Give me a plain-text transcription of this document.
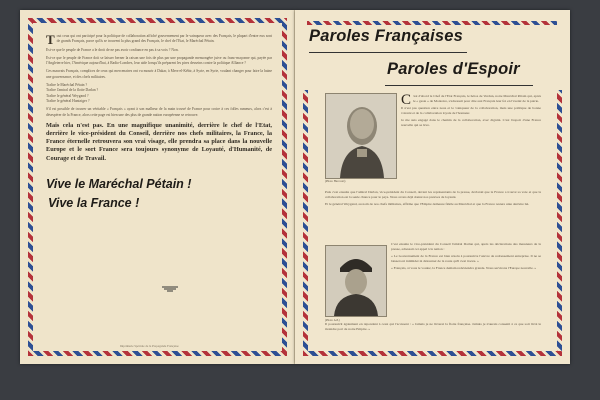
Tout ceux qui ont participé pour la politique de collaboration affiché gouvernement par le vainqueur avec des Français, le plupart d'entre eux sont de grands Français, parce qu'ils se trouvent la plus grand des Français, le chef de l'Etat, le Maréchal Pétain.

Est-ce que le peuple de France a le droit de ne pas avoir confiance en pas à sa voix ? Non.

Est-ce que le peuple de France doit se laisser berner la raison une fois de plus par une propagande mensongère juive ou franc-maçonne qui, payée par l'Angleterre hier, l'Amérique aujourd'hui, à Radio-Londres, leur aide lorsqu'ils préparent les pires desseins contre la politique Alliance ?

Ces mauvais Français, complices de ceux qui mercenaires ont vu mourir à Dakar, à Mers-el-Kébir, à Syrie, en Syrie, voulant changer pour faire la haine une gouvernance, et des chefs militaires.

Traître le Maréchal Pétain ?

Traître l'amiral de la flotte Darlan ?

Traître le général Weygand ?

Traître le général Huntziger ?

S'il est possible de trouver un véritable « Français » ayant à son malheur de la main trouvé de France pour croire à ces folles rumeurs, alors c'est à désespérer de la France, alors cette page est bien une des plus de grande nation européenne se retrouve.

Mais cela n'est pas. En une magnifique unanimité, derrière le chef de l'Etat, derrière le vice-président du Conseil, derrière nos chefs militaires, la France, la France éternelle retrouvera son vrai visage, elle prendra sa place dans la nouvelle Europe et le sort France sera toujours synonyme de Loyauté, d'Humanité, de Courage et de Travail.

Vive le Maréchal Pétain !
Vive la France !
Imprimerie Spéciale de la Propagande Française
Paroles Françaises
Paroles d'Espoir
(Photo Harcourt)

C 'est d'abord le Chef de l'Etat Français, le héros de Verdun, notre Maréchal Pétain qui, après le « geste » de Montoire, s'adressait pour dire aux Français leur foi en l'avenir de la patrie.

Il n'est pas question entre nous et le vainqueur de la collaboration, mais une politique de bonne volonté et de la collaboration loyale de l'honneur.

Je me suis engagé dans le chemin de la collaboration, avec dignité. C'est l'espoir d'une France nouvelle qui se lève.

Puis c'est ensuite que l'amiral Darlan, vice-président du Conseil, devant les représentants de la presse, déclarait que la France a trouvé sa voie et que la collaboration est la seule chance pour le pays. Nous avons déjà donné nos preuves de loyauté.

Et le général Weygand, au nom de nos chefs militaires, affirme que l'Empire demeure fidèle au Maréchal et que la France restera unie derrière lui.

(Photo A.P.)

C'est ensuite le vice-président du Conseil l'amiral Darlan qui, après les déclarations des messieurs de la presse, adressait cet appel à la nation :

« Le Gouvernement de la France est bien résolu à poursuivre l'œuvre de redressement entreprise. Il ne se laissera ni intimider ni détourner de la route qu'il s'est tracée. »

« Français, si vous le voulez, la France demain redeviendra grande. Nous servirons l'Europe nouvelle. »

Il poursuivit également en répondant à ceux qui l'accusent : « Jamais je ne livrerai la flotte française. Jamais je n'aurais consenti à ce que soit livré le moindre port de notre Empire. »
